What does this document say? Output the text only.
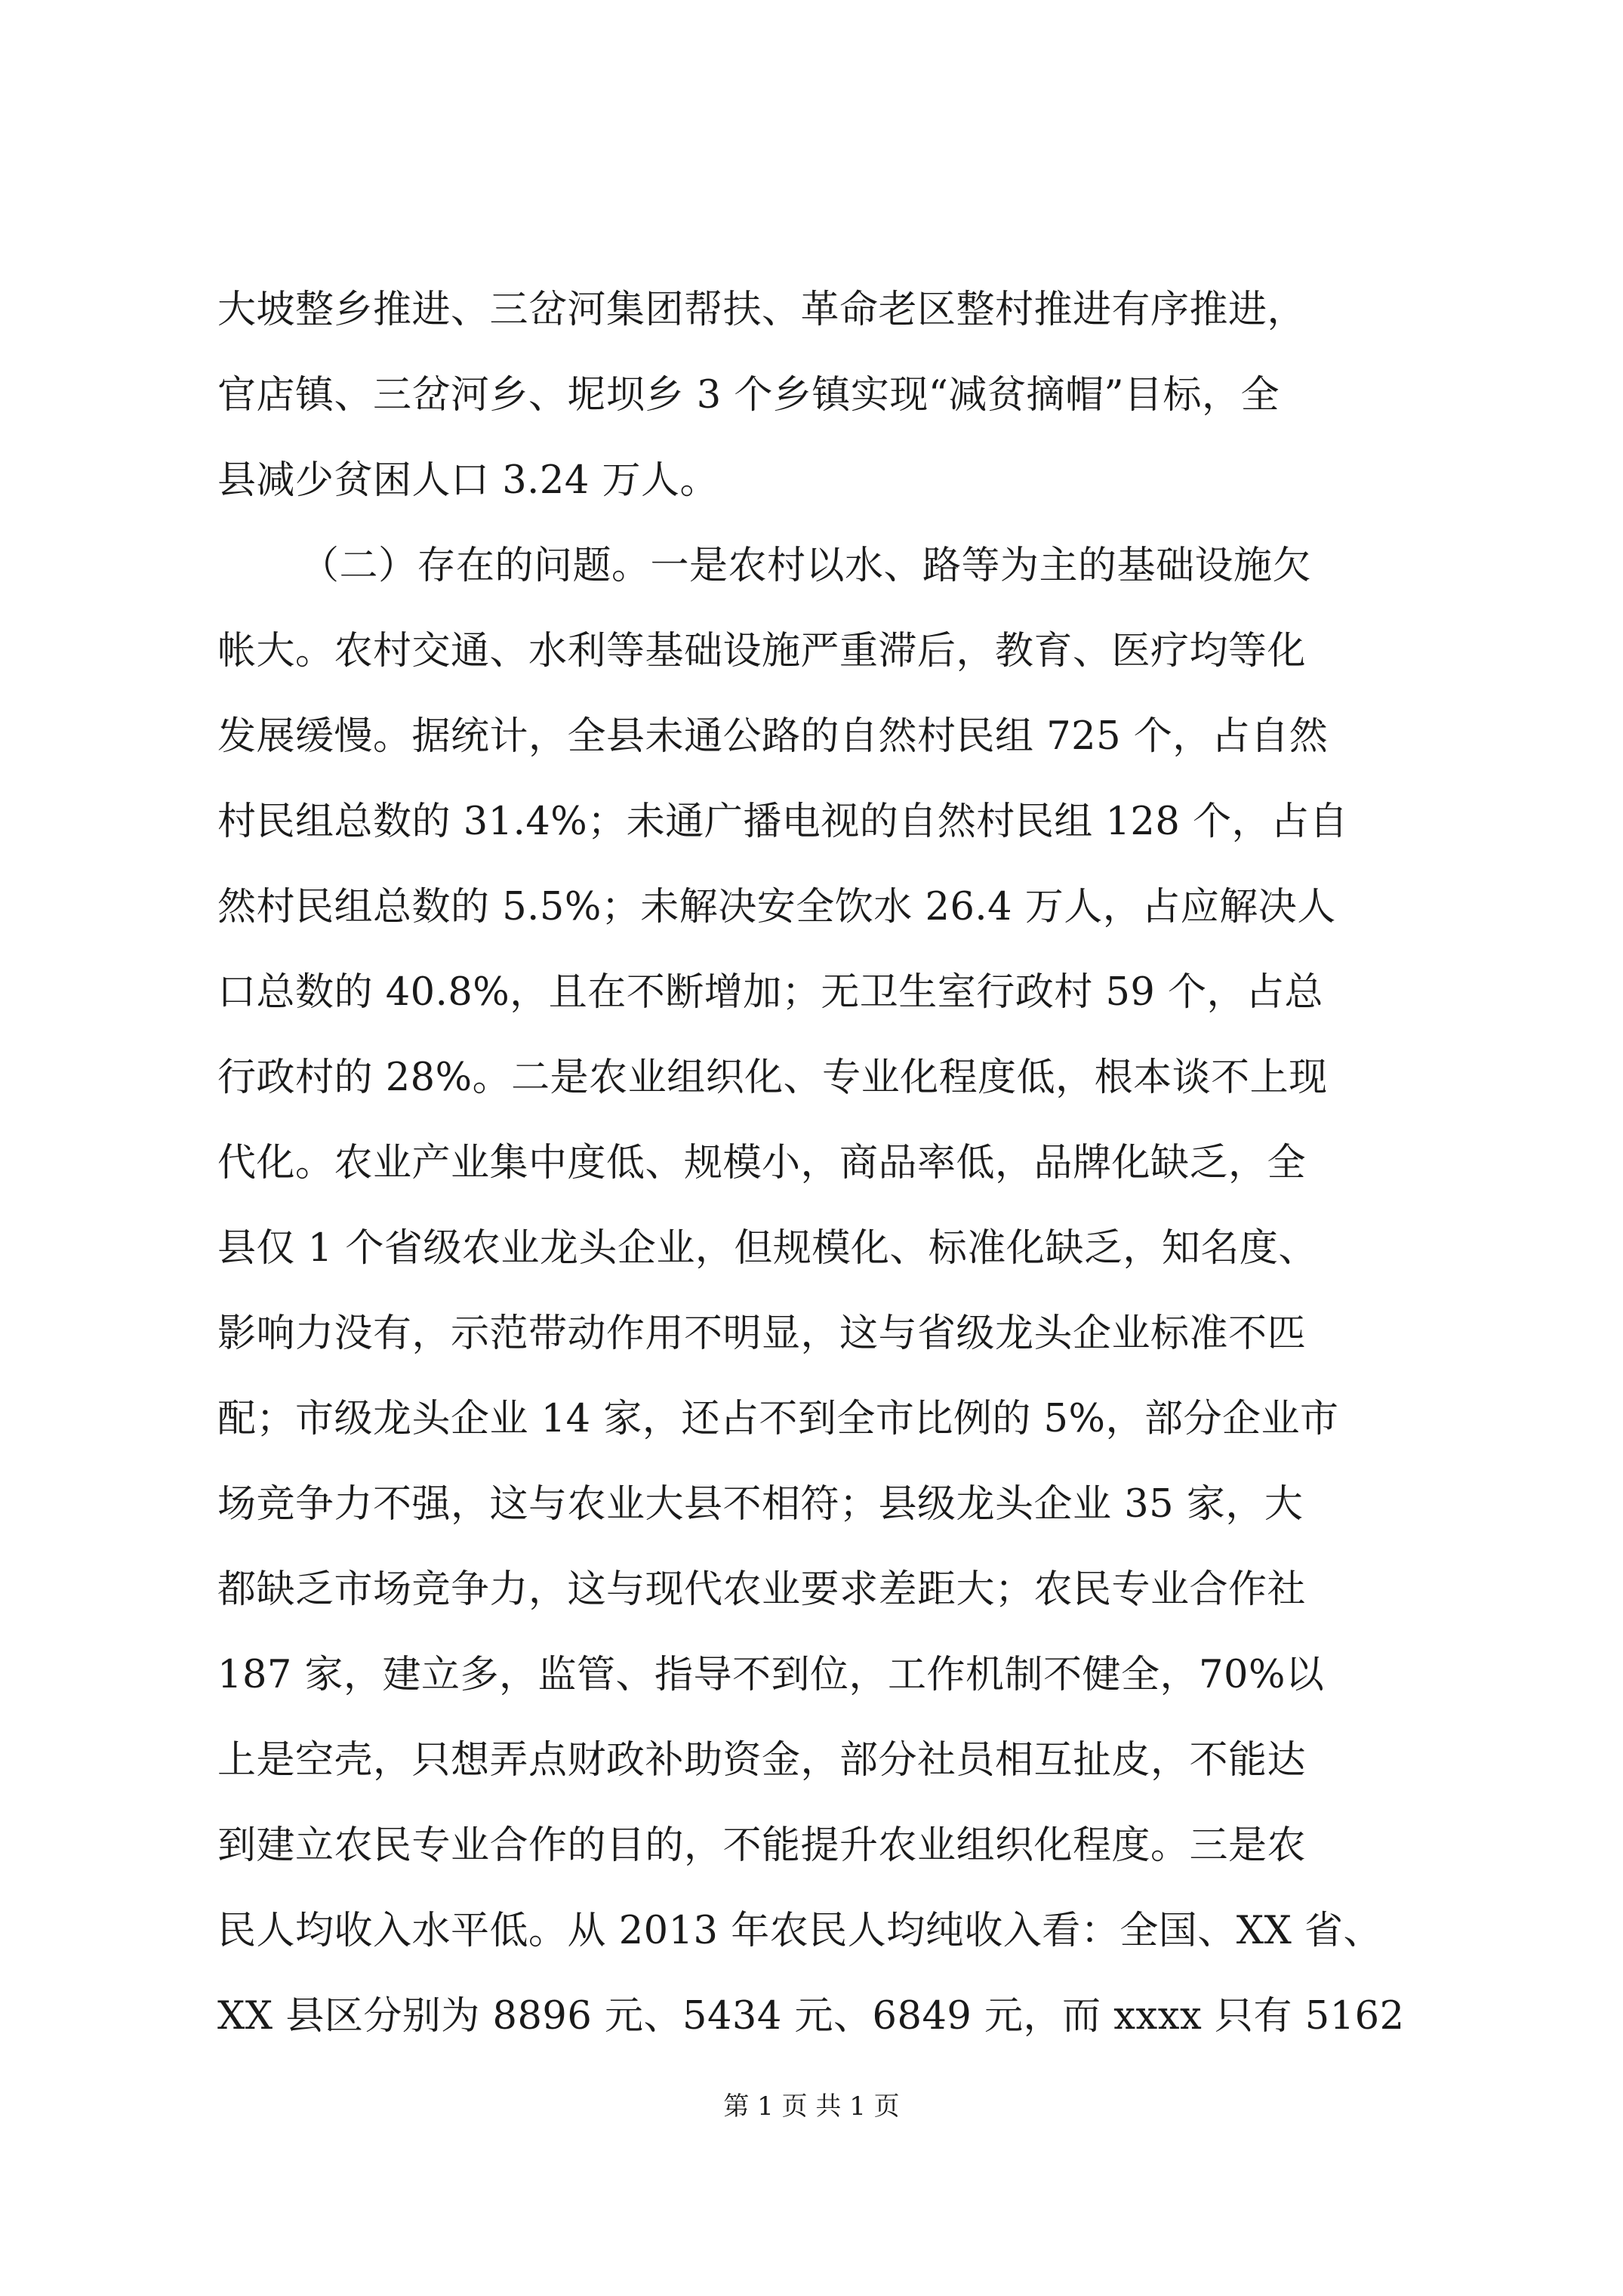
大坡整乡推进、三岔河集团帮扶、革命老区整村推进有序推进，
官店镇、三岔河乡、坭坝乡 3 个乡镇实现“减贫摘帽”目标，全
县减少贫困人口 3.24 万人。
（二）存在的问题。一是农村以水、路等为主的基础设施欠
帐大。农村交通、水利等基础设施严重滞后，教育、医疗均等化
发展缓慢。据统计，全县未通公路的自然村民组 725 个，占自然
村民组总数的 31.4%；未通广播电视的自然村民组 128 个，占自
然村民组总数的 5.5%；未解决安全饮水 26.4 万人，占应解决人
口总数的 40.8%，且在不断增加；无卫生室行政村 59 个，占总
行政村的 28%。二是农业组织化、专业化程度低，根本谈不上现
代化。农业产业集中度低、规模小，商品率低，品牌化缺乏，全
县仅 1 个省级农业龙头企业，但规模化、标准化缺乏，知名度、
影响力没有，示范带动作用不明显，这与省级龙头企业标准不匹
配；市级龙头企业 14 家，还占不到全市比例的 5%，部分企业市
场竞争力不强，这与农业大县不相符；县级龙头企业 35 家，大
都缺乏市场竞争力，这与现代农业要求差距大；农民专业合作社
187 家，建立多，监管、指导不到位，工作机制不健全，70%以
上是空壳，只想弄点财政补助资金，部分社员相互扯皮，不能达
到建立农民专业合作的目的，不能提升农业组织化程度。三是农
民人均收入水平低。从 2013 年农民人均纯收入看：全国、XX 省、
XX 县区分别为 8896 元、5434 元、6849 元，而 xxxx 只有 5162
第 1 页 共 1 页
